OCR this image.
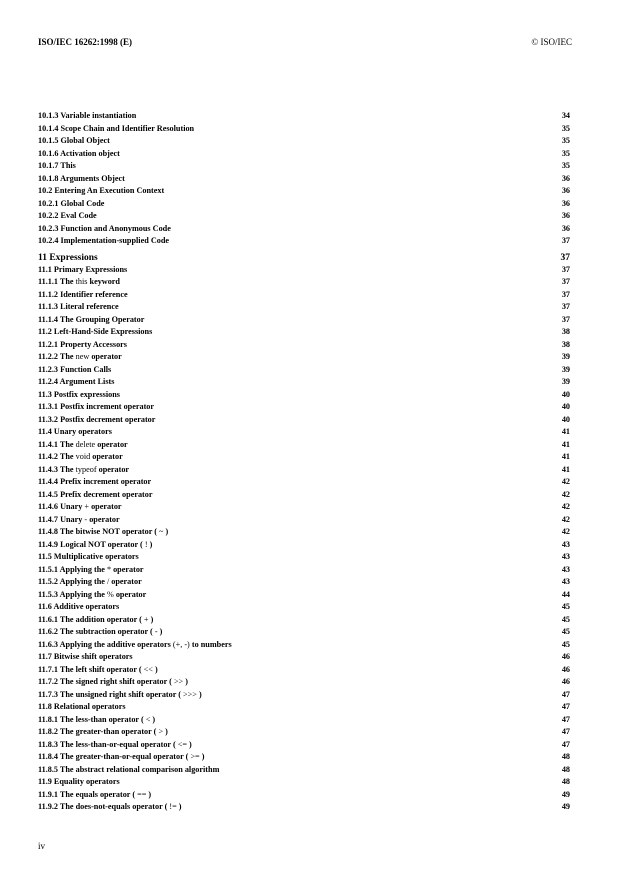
ISO/IEC 16262:1998 (E)	© ISO/IEC
10.1.3 Variable instantiation	34
10.1.4 Scope Chain and Identifier Resolution	35
10.1.5 Global Object	35
10.1.6 Activation object	35
10.1.7 This	35
10.1.8 Arguments Object	36
10.2 Entering An Execution Context	36
10.2.1 Global Code	36
10.2.2 Eval Code	36
10.2.3 Function and Anonymous Code	36
10.2.4 Implementation-supplied Code	37
11 Expressions	37
11.1 Primary Expressions	37
11.1.1 The this keyword	37
11.1.2 Identifier reference	37
11.1.3 Literal reference	37
11.1.4 The Grouping Operator	37
11.2 Left-Hand-Side Expressions	38
11.2.1 Property Accessors	38
11.2.2 The new operator	39
11.2.3 Function Calls	39
11.2.4 Argument Lists	39
11.3 Postfix expressions	40
11.3.1 Postfix increment operator	40
11.3.2 Postfix decrement operator	40
11.4 Unary operators	41
11.4.1 The delete operator	41
11.4.2 The void operator	41
11.4.3 The typeof operator	41
11.4.4 Prefix increment operator	42
11.4.5 Prefix decrement operator	42
11.4.6 Unary + operator	42
11.4.7 Unary - operator	42
11.4.8 The bitwise NOT operator ( ~ )	42
11.4.9 Logical NOT operator ( ! )	43
11.5 Multiplicative operators	43
11.5.1 Applying the * operator	43
11.5.2 Applying the / operator	43
11.5.3 Applying the % operator	44
11.6 Additive operators	45
11.6.1 The addition operator ( + )	45
11.6.2 The subtraction operator ( - )	45
11.6.3 Applying the additive operators (+, -) to numbers	45
11.7 Bitwise shift operators	46
11.7.1 The left shift operator ( << )	46
11.7.2 The signed right shift operator ( >> )	46
11.7.3 The unsigned right shift operator ( >>> )	47
11.8 Relational operators	47
11.8.1 The less-than operator ( < )	47
11.8.2 The greater-than operator ( > )	47
11.8.3 The less-than-or-equal operator ( <= )	47
11.8.4 The greater-than-or-equal operator ( >= )	48
11.8.5 The abstract relational comparison algorithm	48
11.9 Equality operators	48
11.9.1 The equals operator ( == )	49
11.9.2 The does-not-equals operator ( != )	49
iv
